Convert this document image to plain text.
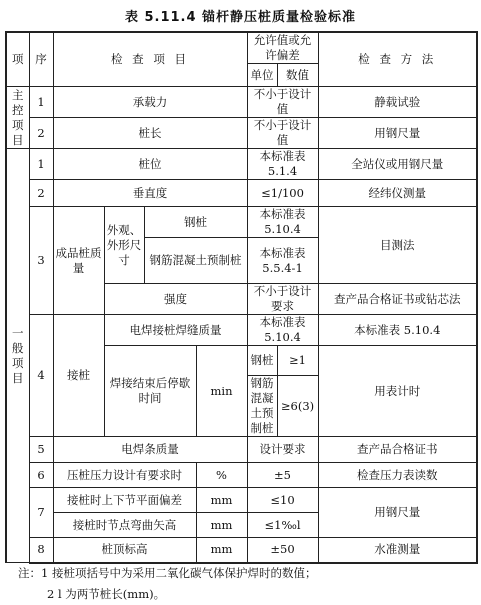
表 5.11.4 锚杆静压桩质量检验标准
项	序	检 查 项 目				允许值或允许偏差		检 查 方 法
						单位	数值	
主控项目	1	承载力				不小于设计值		静载试验
	2	桩长				不小于设计值		用钢尺量
一般项目	1	桩位				本标准表 5.1.4		全站仪或用钢尺量
	2	垂直度				≤1/100		经纬仪测量
	3	成品桩质量	外观、外形尺寸	钢桩		本标准表 5.10.4		目测法
				钢筋混凝土预制桩		本标准表 5.5.4-1		
			强度			不小于设计要求		查产品合格证书或钻芯法
	4	接桩	电焊接桩焊缝质量			本标准表 5.10.4		本标准表 5.10.4
			焊接结束后停歇时间		min	钢桩	≥1	用表计时
						钢筋混凝土预制桩	≥6(3)	
	5	电焊条质量				设计要求		查产品合格证书
	6	压桩压力设计有要求时			%	±5		检查压力表读数
	7	接桩时上下节平面偏差			mm	≤10		用钢尺量
		接桩时节点弯曲矢高			mm	≤1‰l		
	8	桩顶标高			mm	±50		水准测量
注：1 接桩项括号中为采用二氧化碳气体保护焊时的数值；
2 l 为两节桩长(mm)。
